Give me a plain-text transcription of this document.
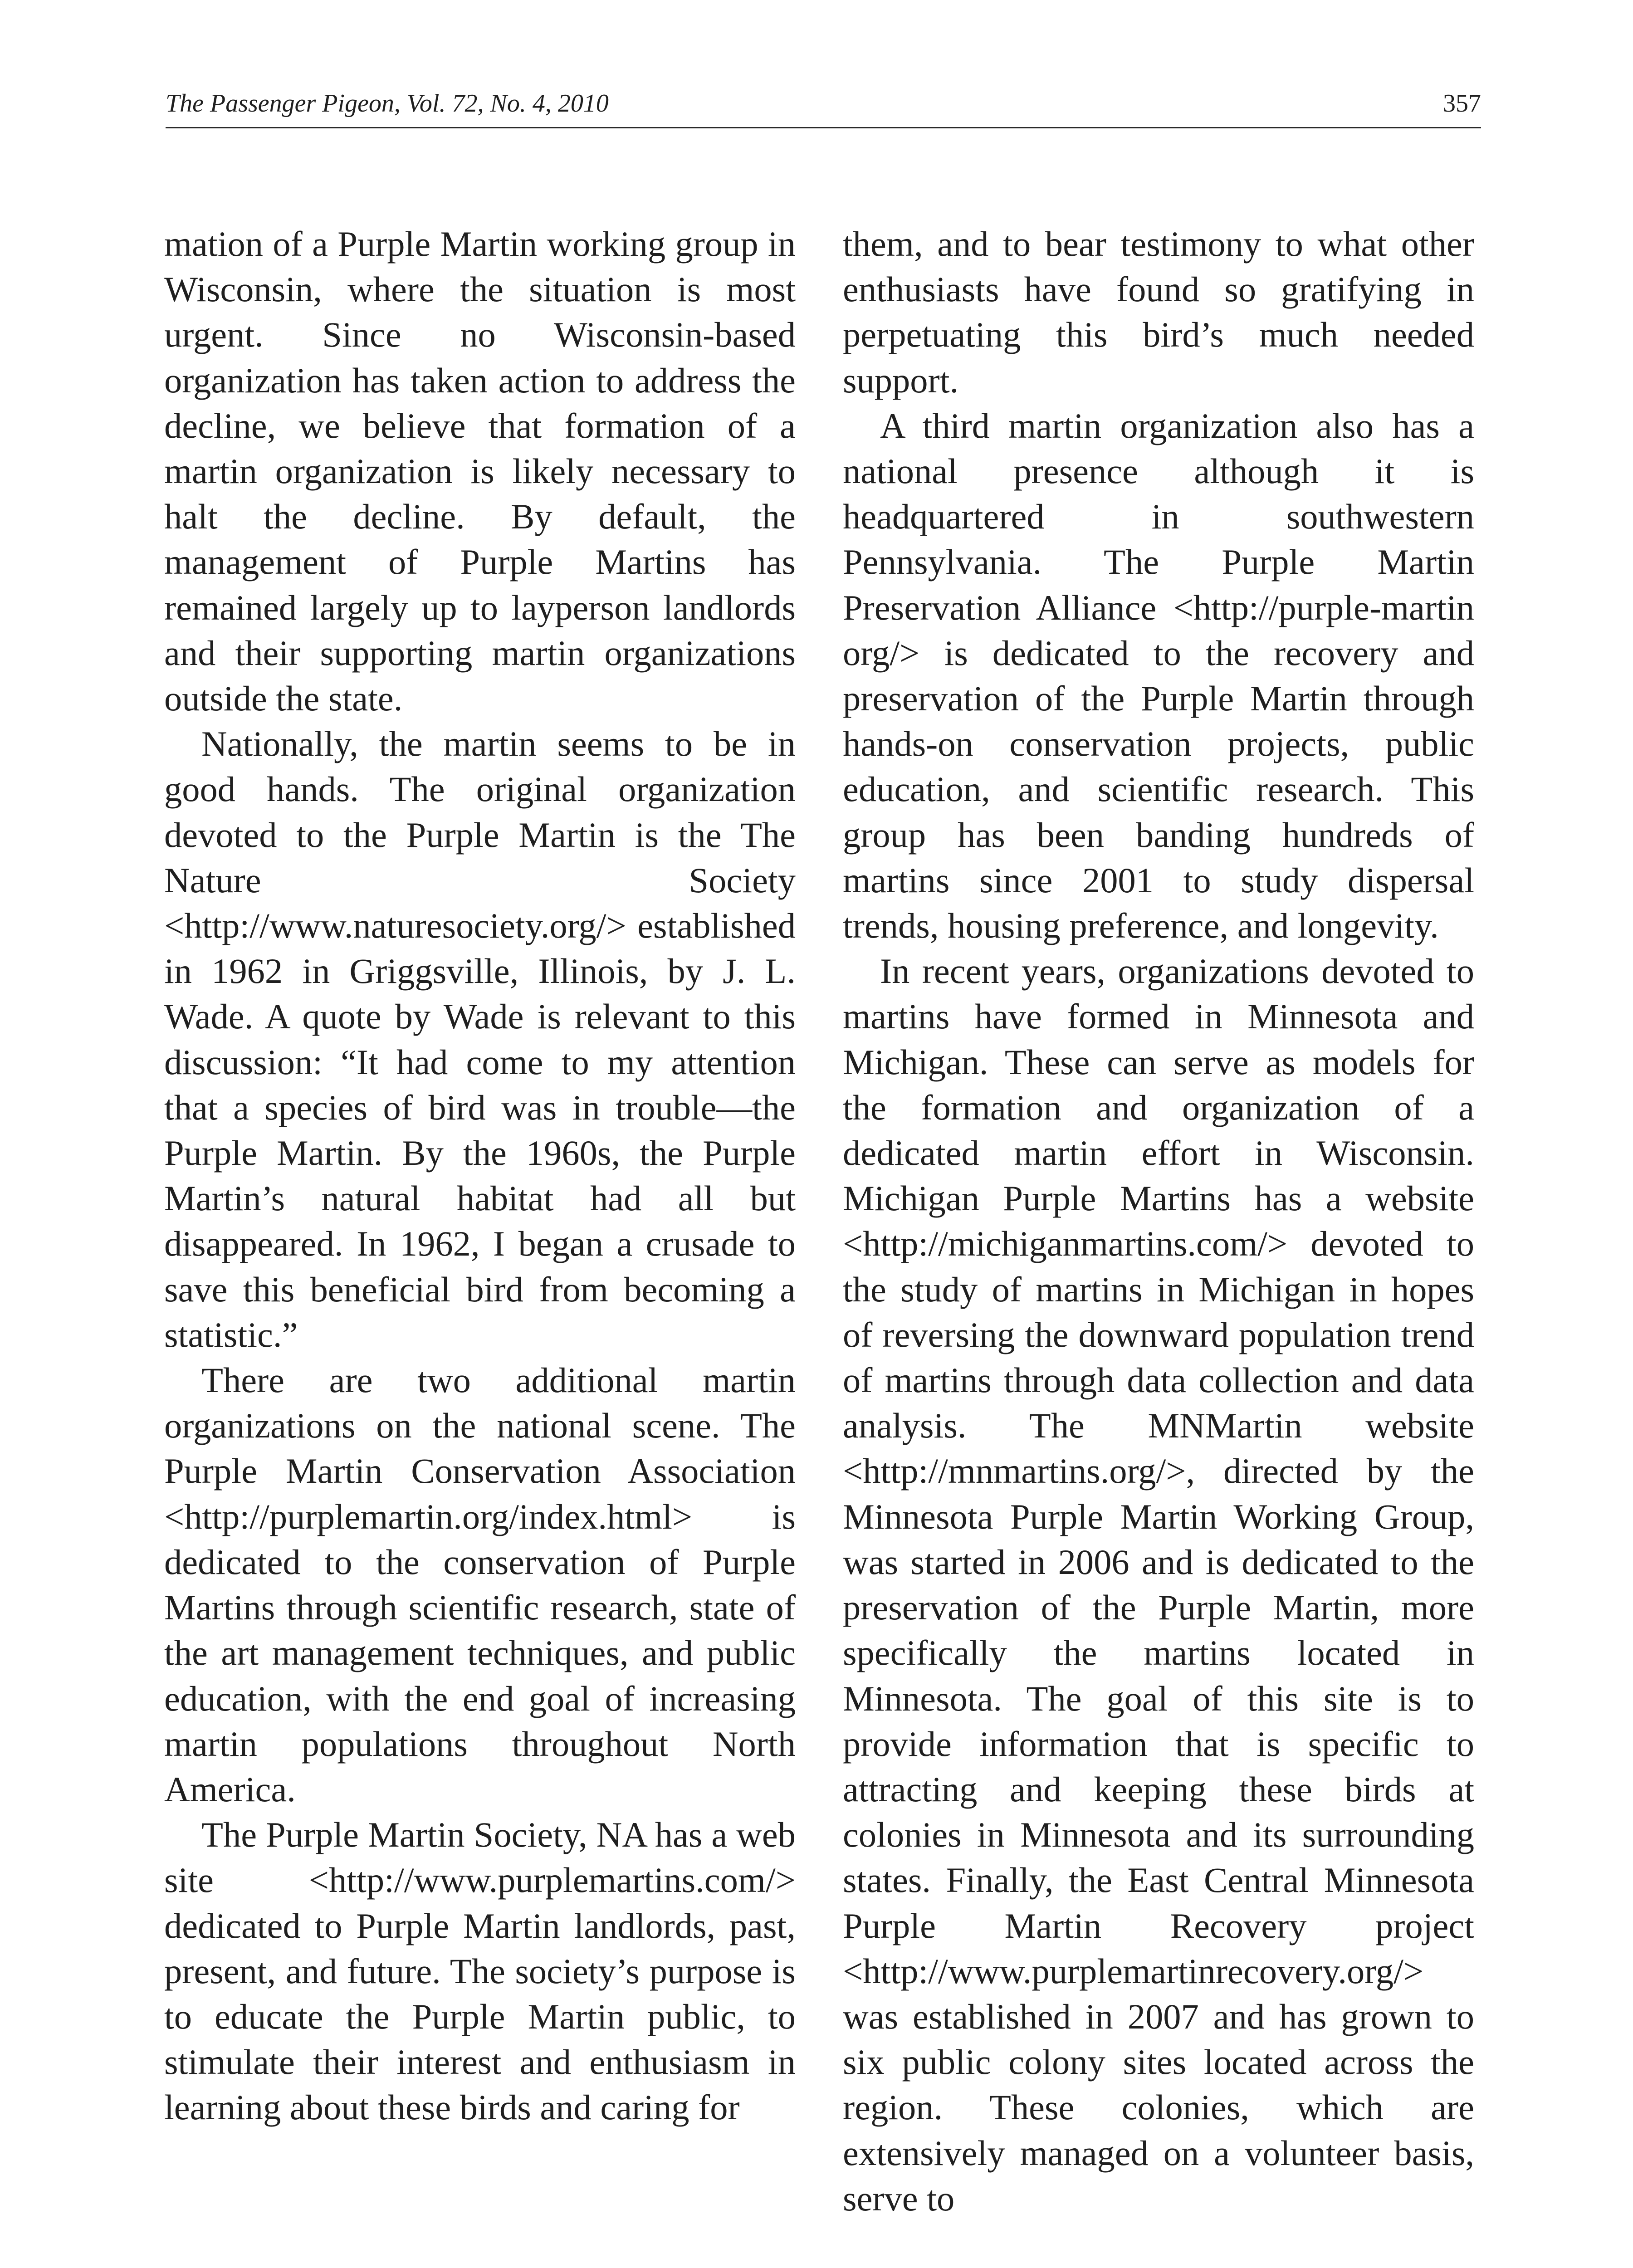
The Passenger Pigeon, Vol. 72, No. 4, 2010	357

mation of a Purple Martin working group in Wisconsin, where the situation is most urgent. Since no Wisconsin-based organization has taken action to address the decline, we believe that formation of a martin organization is likely necessary to halt the decline. By default, the management of Purple Martins has remained largely up to layperson landlords and their supporting martin organizations outside the state.

Nationally, the martin seems to be in good hands. The original organization devoted to the Purple Martin is the The Nature Society <http://www.naturesociety.org/> established in 1962 in Griggsville, Illinois, by J. L. Wade. A quote by Wade is relevant to this discussion: “It had come to my attention that a species of bird was in trouble—the Purple Martin. By the 1960s, the Purple Martin’s natural habitat had all but disappeared. In 1962, I began a crusade to save this beneficial bird from becoming a statistic.”

There are two additional martin organizations on the national scene. The Purple Martin Conservation Association <http://purplemartin.org/index.html> is dedicated to the conservation of Purple Martins through scientific research, state of the art management techniques, and public education, with the end goal of increasing martin populations throughout North America.

The Purple Martin Society, NA has a web site <http://www.purplemartins.com/> dedicated to Purple Martin landlords, past, present, and future. The society’s purpose is to educate the Purple Martin public, to stimulate their interest and enthusiasm in learning about these birds and caring for

them, and to bear testimony to what other enthusiasts have found so gratifying in perpetuating this bird’s much needed support.

A third martin organization also has a national presence although it is headquartered in southwestern Pennsylvania. The Purple Martin Preservation Alliance <http://purple-martin org/> is dedicated to the recovery and preservation of the Purple Martin through hands-on conservation projects, public education, and scientific research. This group has been banding hundreds of martins since 2001 to study dispersal trends, housing preference, and longevity.

In recent years, organizations devoted to martins have formed in Minnesota and Michigan. These can serve as models for the formation and organization of a dedicated martin effort in Wisconsin. Michigan Purple Martins has a website <http://michiganmartins.com/> devoted to the study of martins in Michigan in hopes of reversing the downward population trend of martins through data collection and data analysis. The MNMartin website <http://mnmartins.org/>, directed by the Minnesota Purple Martin Working Group, was started in 2006 and is dedicated to the preservation of the Purple Martin, more specifically the martins located in Minnesota. The goal of this site is to provide information that is specific to attracting and keeping these birds at colonies in Minnesota and its surrounding states. Finally, the East Central Minnesota Purple Martin Recovery project <http://www.purplemartinrecovery.org/> was established in 2007 and has grown to six public colony sites located across the region. These colonies, which are extensively managed on a volunteer basis, serve to
